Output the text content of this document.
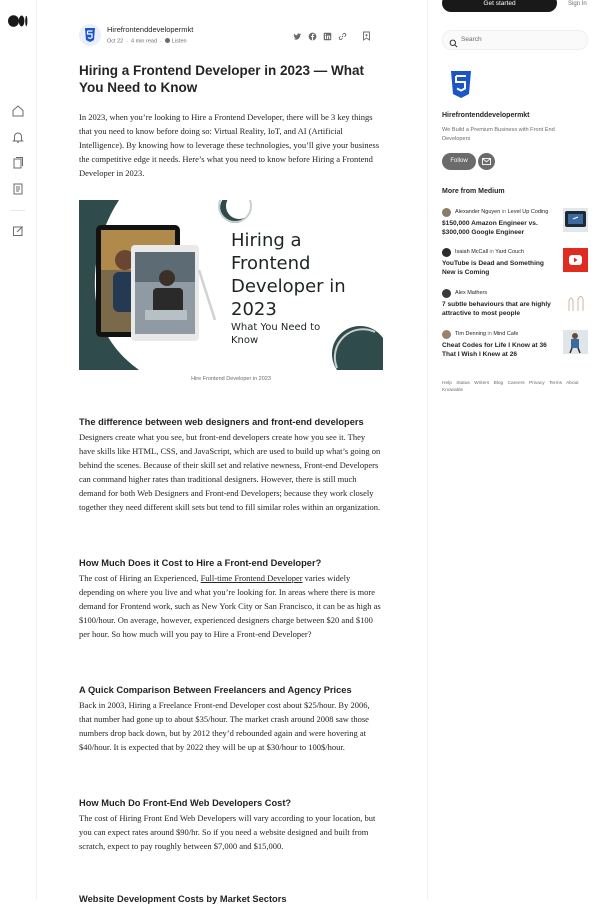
Hirefrontenddevelopermkt
Oct 22 · 4 min read · Listen
Hiring a Frontend Developer in 2023 — What You Need to Know

In 2023, when you’re looking to Hire a Frontend Developer, there will be 3 key things that you need to know before doing so: Virtual Reality, IoT, and AI (Artificial Intelligence). By knowing how to leverage these technologies, you’ll give your business the competitive edge it needs. Here’s what you need to know before Hiring a Frontend Developer in 2023.

Hiring a
Frontend
Developer in
2023
What You Need to
Know
Hire Frontend Developer in 2023
The difference between web designers and front-end developers

Designers create what you see, but front-end developers create how you see it. They have skills like HTML, CSS, and JavaScript, which are used to build up what’s going on behind the scenes. Because of their skill set and relative newness, Front-end Developers can command higher rates than traditional designers. However, there is still much demand for both Web Designers and Front-end Developers; because they work closely together they need different skill sets but tend to fill similar roles within an organization.

How Much Does it Cost to Hire a Front-end Developer?

The cost of Hiring an Experienced, Full-time Frontend Developer varies widely depending on where you live and what you’re looking for. In areas where there is more demand for Frontend work, such as New York City or San Francisco, it can be as high as $100/hour. On average, however, experienced designers charge between $20 and $100 per hour. So how much will you pay to Hire a Front-end Developer?

A Quick Comparison Between Freelancers and Agency Prices

Back in 2003, Hiring a Freelance Front-end Developer cost about $25/hour. By 2006, that number had gone up to about $35/hour. The market crash around 2008 saw those numbers drop back down, but by 2012 they’d rebounded again and were hovering at $40/hour. It is expected that by 2022 they will be up at $30/hour to 100$/hour.

How Much Do Front-End Web Developers Cost?

The cost of Hiring Front End Web Developers will vary according to your location, but you can expect rates around $90/hr. So if you need a website designed and built from scratch, expect to pay roughly between $7,000 and $15,000.

Website Development Costs by Market Sectors
Get started	Sign In
Search
Hirefrontenddevelopermkt
We Build a Premium Business with Front End Developers
Follow
More from Medium
Alexander Nguyen in Level Up Coding
$150,000 Amazon Engineer vs. $300,000 Google Engineer
Isaiah McCall in Yard Couch
YouTube is Dead and Something New is Coming
Alex Mathers
7 subtle behaviours that are highly attractive to most people
Tim Denning in Mind Cafe
Cheat Codes for Life I Know at 36 That I Wish I Knew at 26
Help Status Writers Blog Careers Privacy Terms About Knowable
